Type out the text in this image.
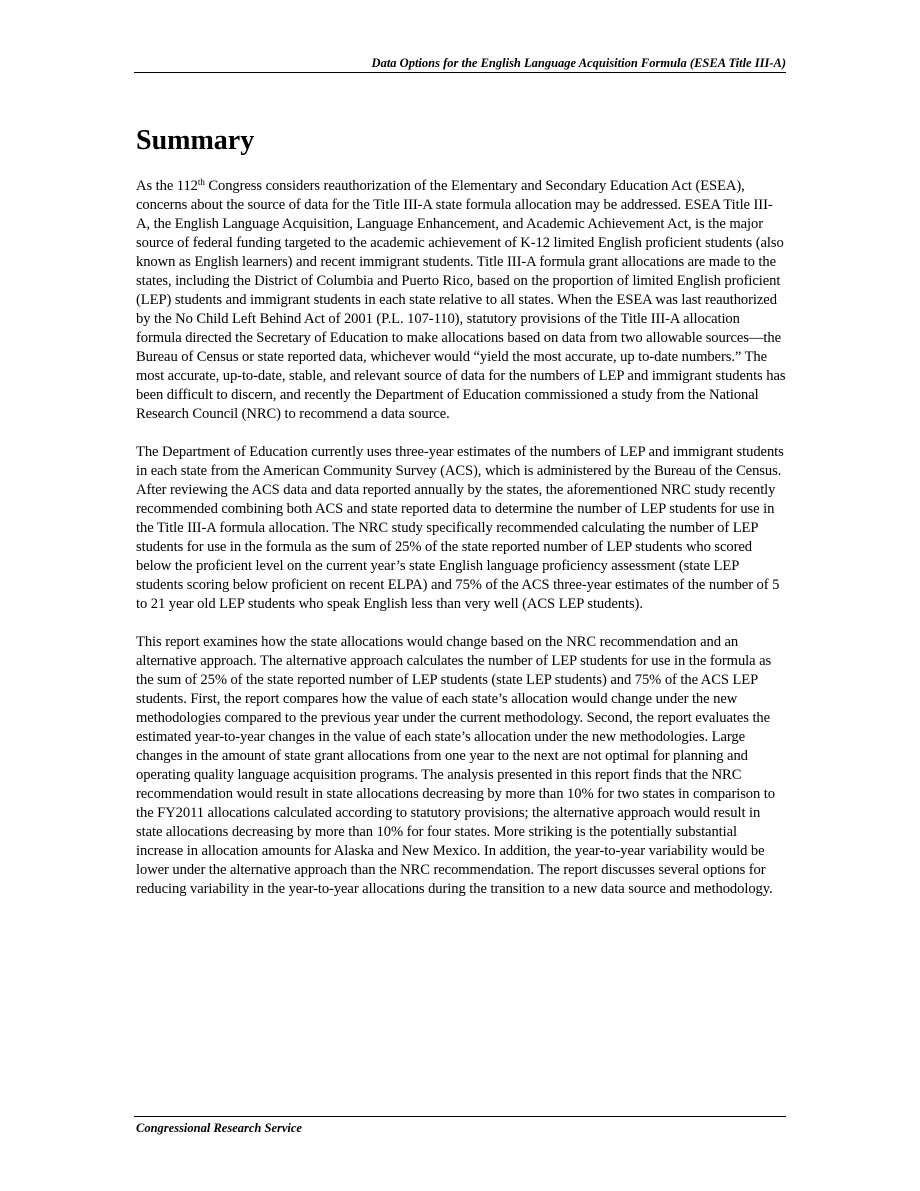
Data Options for the English Language Acquisition Formula (ESEA Title III-A)
Summary

As the 112th Congress considers reauthorization of the Elementary and Secondary Education Act (ESEA), concerns about the source of data for the Title III-A state formula allocation may be addressed. ESEA Title III-A, the English Language Acquisition, Language Enhancement, and Academic Achievement Act, is the major source of federal funding targeted to the academic achievement of K-12 limited English proficient students (also known as English learners) and recent immigrant students. Title III-A formula grant allocations are made to the states, including the District of Columbia and Puerto Rico, based on the proportion of limited English proficient (LEP) students and immigrant students in each state relative to all states. When the ESEA was last reauthorized by the No Child Left Behind Act of 2001 (P.L. 107-110), statutory provisions of the Title III-A allocation formula directed the Secretary of Education to make allocations based on data from two allowable sources—the Bureau of Census or state reported data, whichever would “yield the most accurate, up to-date numbers.” The most accurate, up-to-date, stable, and relevant source of data for the numbers of LEP and immigrant students has been difficult to discern, and recently the Department of Education commissioned a study from the National Research Council (NRC) to recommend a data source.

The Department of Education currently uses three-year estimates of the numbers of LEP and immigrant students in each state from the American Community Survey (ACS), which is administered by the Bureau of the Census. After reviewing the ACS data and data reported annually by the states, the aforementioned NRC study recently recommended combining both ACS and state reported data to determine the number of LEP students for use in the Title III-A formula allocation. The NRC study specifically recommended calculating the number of LEP students for use in the formula as the sum of 25% of the state reported number of LEP students who scored below the proficient level on the current year’s state English language proficiency assessment (state LEP students scoring below proficient on recent ELPA) and 75% of the ACS three-year estimates of the number of 5 to 21 year old LEP students who speak English less than very well (ACS LEP students).

This report examines how the state allocations would change based on the NRC recommendation and an alternative approach. The alternative approach calculates the number of LEP students for use in the formula as the sum of 25% of the state reported number of LEP students (state LEP students) and 75% of the ACS LEP students. First, the report compares how the value of each state’s allocation would change under the new methodologies compared to the previous year under the current methodology. Second, the report evaluates the estimated year-to-year changes in the value of each state’s allocation under the new methodologies. Large changes in the amount of state grant allocations from one year to the next are not optimal for planning and operating quality language acquisition programs. The analysis presented in this report finds that the NRC recommendation would result in state allocations decreasing by more than 10% for two states in comparison to the FY2011 allocations calculated according to statutory provisions; the alternative approach would result in state allocations decreasing by more than 10% for four states. More striking is the potentially substantial increase in allocation amounts for Alaska and New Mexico. In addition, the year-to-year variability would be lower under the alternative approach than the NRC recommendation. The report discusses several options for reducing variability in the year-to-year allocations during the transition to a new data source and methodology.

Congressional Research Service
